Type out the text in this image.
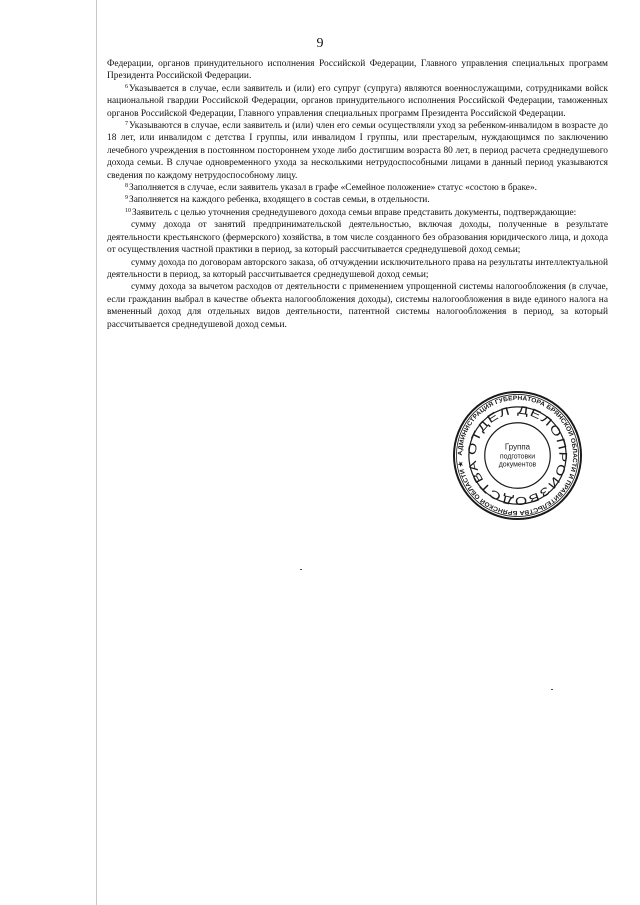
9

Федерации, органов принудительного исполнения Российской Федерации, Главного управления специальных программ Президента Российской Федерации.

$^6$Указывается в случае, если заявитель и (или) его супруг (супруга) являются военнослужащими, сотрудниками войск национальной гвардии Российской Федерации, органов принудительного исполнения Российской Федерации, таможенных органов Российской Федерации, Главного управления специальных программ Президента Российской Федерации.

$^7$Указываются в случае, если заявитель и (или) член его семьи осуществляли уход за ребенком-инвалидом в возрасте до 18 лет, или инвалидом с детства I группы, или инвалидом I группы, или престарелым, нуждающимся по заключению лечебного учреждения в постоянном постороннем уходе либо достигшим возраста 80 лет, в период расчета среднедушевого дохода семьи. В случае одновременного ухода за несколькими нетрудоспособными лицами в данный период указываются сведения по каждому нетрудоспособному лицу.

$^8$Заполняется в случае, если заявитель указал в графе «Семейное положение» статус «состою в браке».

$^9$Заполняется на каждого ребенка, входящего в состав семьи, в отдельности.

$^{10}$Заявитель с целью уточнения среднедушевого дохода семьи вправе представить документы, подтверждающие:

сумму дохода от занятий предпринимательской деятельностью, включая доходы, полученные в результате деятельности крестьянского (фермерского) хозяйства, в том числе созданного без образования юридического лица, и дохода от осуществления частной практики в период, за который рассчитывается среднедушевой доход семьи;

сумму дохода по договорам авторского заказа, об отчуждении исключительного права на результаты интеллектуальной деятельности в период, за который рассчитывается среднедушевой доход семьи;

сумму дохода за вычетом расходов от деятельности с применением упрощенной системы налогообложения (в случае, если гражданин выбрал в качестве объекта налогообложения доходы), системы налогообложения в виде единого налога на вмененный доход для отдельных видов деятельности, патентной системы налогообложения в период, за который рассчитывается среднедушевой доход семьи.

АДМИНИСТРАЦИЯ ГУБЕРНАТОРА БРЯНСКОЙ ОБЛАСТИ И ПРАВИТЕЛЬСТВА БРЯНСКОЙ ОБЛАСТИ ★
ОТДЕЛ ДЕЛОПРОИЗВОДСТВА
Группа
подготовки
документов
